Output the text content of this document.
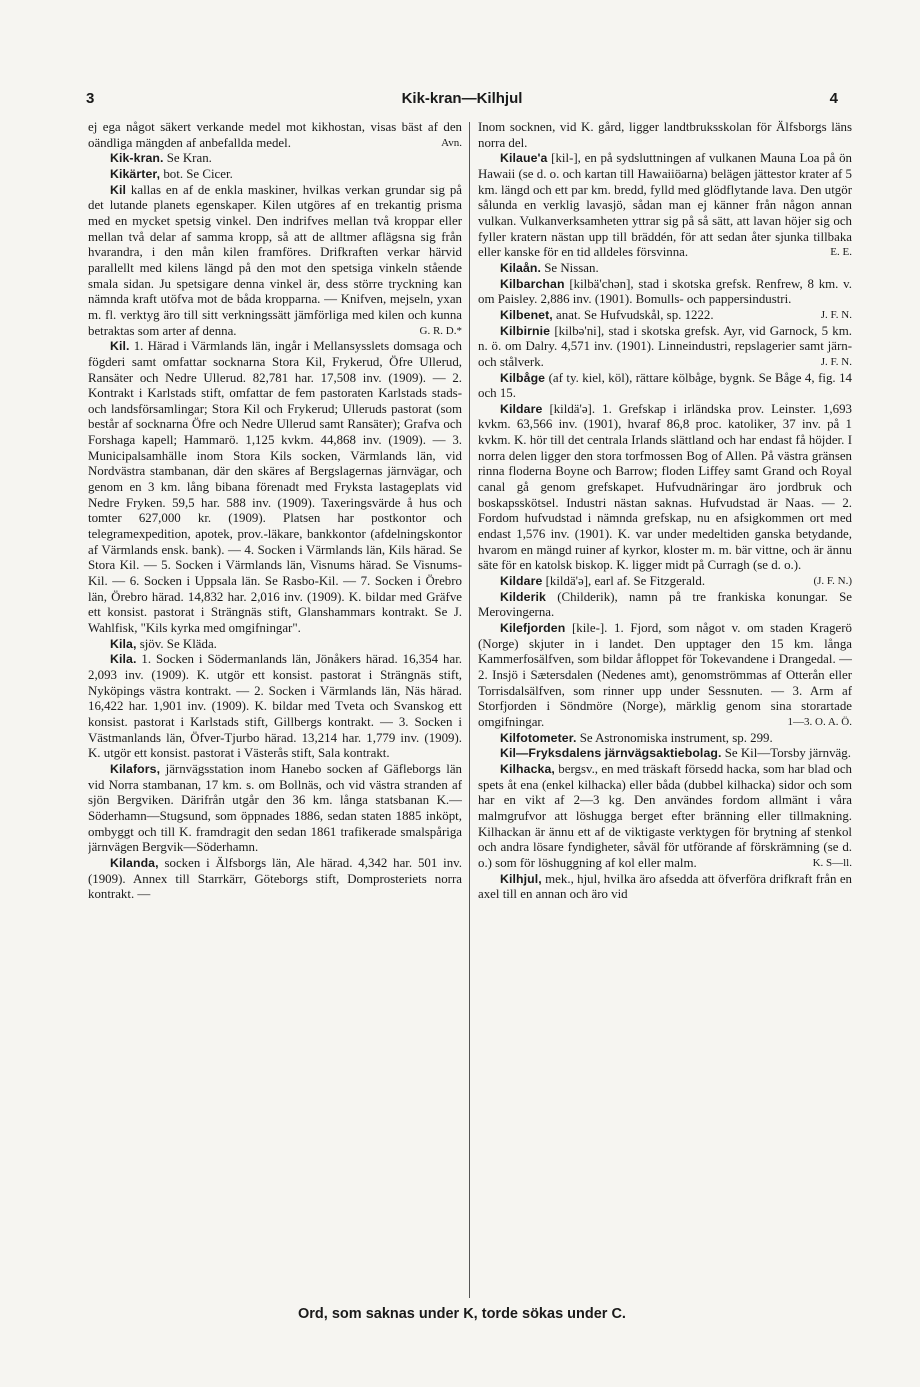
3	Kik-kran—Kilhjul	4

ej ega något säkert verkande medel mot kikhostan, visas bäst af den oändliga mängden af anbefallda medel.	Avn.

Kik-kran. Se Kran.

Kikärter, bot. Se Cicer.

Kil kallas en af de enkla maskiner, hvilkas verkan grundar sig på det lutande planets egenskaper. Kilen utgöres af en trekantig prisma med en mycket spetsig vinkel. Den indrifves mellan två kroppar eller mellan två delar af samma kropp, så att de alltmer aflägsna sig från hvarandra, i den mån kilen framföres. Drifkraften verkar härvid parallellt med kilens längd på den mot den spetsiga vinkeln stående smala sidan. Ju spetsigare denna vinkel är, dess större tryckning kan nämnda kraft utöfva mot de båda kropparna. — Knifven, mejseln, yxan m. fl. verktyg äro till sitt verkningssätt jämförliga med kilen och kunna betraktas som arter af denna.	G. R. D.*

Kil. 1. Härad i Värmlands län, ingår i Mellansysslets domsaga och fögderi samt omfattar socknarna Stora Kil, Frykerud, Öfre Ullerud, Ransäter och Nedre Ullerud. 82,781 har. 17,508 inv. (1909). — 2. Kontrakt i Karlstads stift, omfattar de fem pastoraten Karlstads stads- och landsförsamlingar; Stora Kil och Frykerud; Ulleruds pastorat (som består af socknarna Öfre och Nedre Ullerud samt Ransäter); Grafva och Forshaga kapell; Hammarö. 1,125 kvkm. 44,868 inv. (1909). — 3. Municipalsamhälle inom Stora Kils socken, Värmlands län, vid Nordvästra stambanan, där den skäres af Bergslagernas järnvägar, och genom en 3 km. lång bibana förenadt med Fryksta lastageplats vid Nedre Fryken. 59,5 har. 588 inv. (1909). Taxeringsvärde å hus och tomter 627,000 kr. (1909). Platsen har postkontor och telegramexpedition, apotek, prov.-läkare, bankkontor (afdelningskontor af Värmlands ensk. bank). — 4. Socken i Värmlands län, Kils härad. Se Stora Kil. — 5. Socken i Värmlands län, Visnums härad. Se Visnums-Kil. — 6. Socken i Uppsala län. Se Rasbo-Kil. — 7. Socken i Örebro län, Örebro härad. 14,832 har. 2,016 inv. (1909). K. bildar med Gräfve ett konsist. pastorat i Strängnäs stift, Glanshammars kontrakt. Se J. Wahlfisk, "Kils kyrka med omgifningar".

Kila, sjöv. Se Kläda.

Kila. 1. Socken i Södermanlands län, Jönåkers härad. 16,354 har. 2,093 inv. (1909). K. utgör ett konsist. pastorat i Strängnäs stift, Nyköpings västra kontrakt. — 2. Socken i Värmlands län, Näs härad. 16,422 har. 1,901 inv. (1909). K. bildar med Tveta och Svanskog ett konsist. pastorat i Karlstads stift, Gillbergs kontrakt. — 3. Socken i Västmanlands län, Öfver-Tjurbo härad. 13,214 har. 1,779 inv. (1909). K. utgör ett konsist. pastorat i Västerås stift, Sala kontrakt.

Kilafors, järnvägsstation inom Hanebo socken af Gäfleborgs län vid Norra stambanan, 17 km. s. om Bollnäs, och vid västra stranden af sjön Bergviken. Därifrån utgår den 36 km. långa statsbanan K.—Söderhamn—Stugsund, som öppnades 1886, sedan staten 1885 inköpt, ombyggt och till K. framdragit den sedan 1861 trafikerade smalspåriga järnvägen Bergvik—Söderhamn.

Kilanda, socken i Älfsborgs län, Ale härad. 4,342 har. 501 inv. (1909). Annex till Starrkärr, Göteborgs stift, Domprosteriets norra kontrakt. —

Inom socknen, vid K. gård, ligger landtbruksskolan för Älfsborgs läns norra del.

Kilaue'a [kil-], en på sydsluttningen af vulkanen Mauna Loa på ön Hawaii (se d. o. och kartan till Hawaiiöarna) belägen jättestor krater af 5 km. längd och ett par km. bredd, fylld med glödflytande lava. Den utgör sålunda en verklig lavasjö, sådan man ej känner från någon annan vulkan. Vulkanverksamheten yttrar sig på så sätt, att lavan höjer sig och fyller kratern nästan upp till bräddén, för att sedan åter sjunka tillbaka eller kanske för en tid alldeles försvinna.	E. E.

Kilaån. Se Nissan.

Kilbarchan [kilbä'chən], stad i skotska grefsk. Renfrew, 8 km. v. om Paisley. 2,886 inv. (1901). Bomulls- och pappersindustri.
J. F. N.

Kilbenet, anat. Se Hufvudskål, sp. 1222.

Kilbirnie [kilbə'ni], stad i skotska grefsk. Ayr, vid Garnock, 5 km. n. ö. om Dalry. 4,571 inv. (1901). Linneindustri, repslagerier samt järn- och stålverk.	J. F. N.

Kilbåge (af ty. kiel, köl), rättare kölbåge, bygnk. Se Båge 4, fig. 14 och 15.

Kildare [kildä'ə]. 1. Grefskap i irländska prov. Leinster. 1,693 kvkm. 63,566 inv. (1901), hvaraf 86,8 proc. katoliker, 37 inv. på 1 kvkm. K. hör till det centrala Irlands slättland och har endast få höjder. I norra delen ligger den stora torfmossen Bog of Allen. På västra gränsen rinna floderna Boyne och Barrow; floden Liffey samt Grand och Royal canal gå genom grefskapet. Hufvudnäringar äro jordbruk och boskapsskötsel. Industri nästan saknas. Hufvudstad är Naas. — 2. Fordom hufvudstad i nämnda grefskap, nu en afsigkommen ort med endast 1,576 inv. (1901). K. var under medeltiden ganska betydande, hvarom en mängd ruiner af kyrkor, kloster m. m. bär vittne, och är ännu säte för en katolsk biskop. K. ligger midt på Curragh (se d. o.).
(J. F. N.)

Kildare [kildä'ə], earl af. Se Fitzgerald.

Kilderik (Childerik), namn på tre frankiska konungar. Se Merovingerna.

Kilefjorden [kile-]. 1. Fjord, som något v. om staden Kragerö (Norge) skjuter in i landet. Den upptager den 15 km. långa Kammerfosälfven, som bildar åfloppet för Tokevandene i Drangedal. — 2. Insjö i Sætersdalen (Nedenes amt), genomströmmas af Otterån eller Torrisdalsälfven, som rinner upp under Sessnuten. — 3. Arm af Storfjorden i Söndmöre (Norge), märklig genom sina storartade omgifningar.	1—3. O. A. Ö.

Kilfotometer. Se Astronomiska instrument, sp. 299.

Kil—Fryksdalens järnvägsaktiebolag. Se Kil—Torsby järnväg.

Kilhacka, bergsv., en med träskaft försedd hacka, som har blad och spets åt ena (enkel kilhacka) eller båda (dubbel kilhacka) sidor och som har en vikt af 2—3 kg. Den användes fordom allmänt i våra malmgrufvor att löshugga berget efter bränning eller tillmakning. Kilhackan är ännu ett af de viktigaste verktygen för brytning af stenkol och andra lösare fyndigheter, såväl för utförande af förskrämning (se d. o.) som för löshuggning af kol eller malm.	K. S—ll.

Kilhjul, mek., hjul, hvilka äro afsedda att öfverföra drifkraft från en axel till en annan och äro vid

Ord, som saknas under K, torde sökas under C.
